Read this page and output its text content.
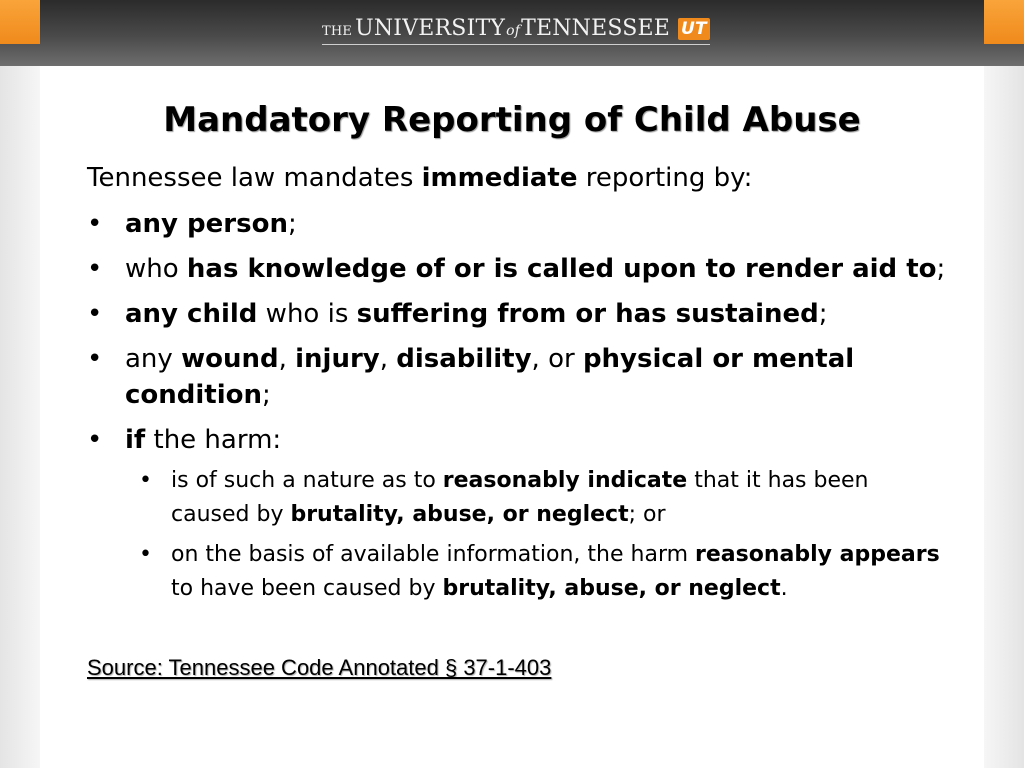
THE UNIVERSITY of TENNESSEE UT
Mandatory Reporting of Child Abuse

Tennessee law mandates immediate reporting by:

• any person;
• who has knowledge of or is called upon to render aid to;
• any child who is suffering from or has sustained;
• any wound, injury, disability, or physical or mental condition;
• if the harm:
• is of such a nature as to reasonably indicate that it has been caused by brutality, abuse, or neglect; or
• on the basis of available information, the harm reasonably appears to have been caused by brutality, abuse, or neglect.
Source: Tennessee Code Annotated § 37-1-403
